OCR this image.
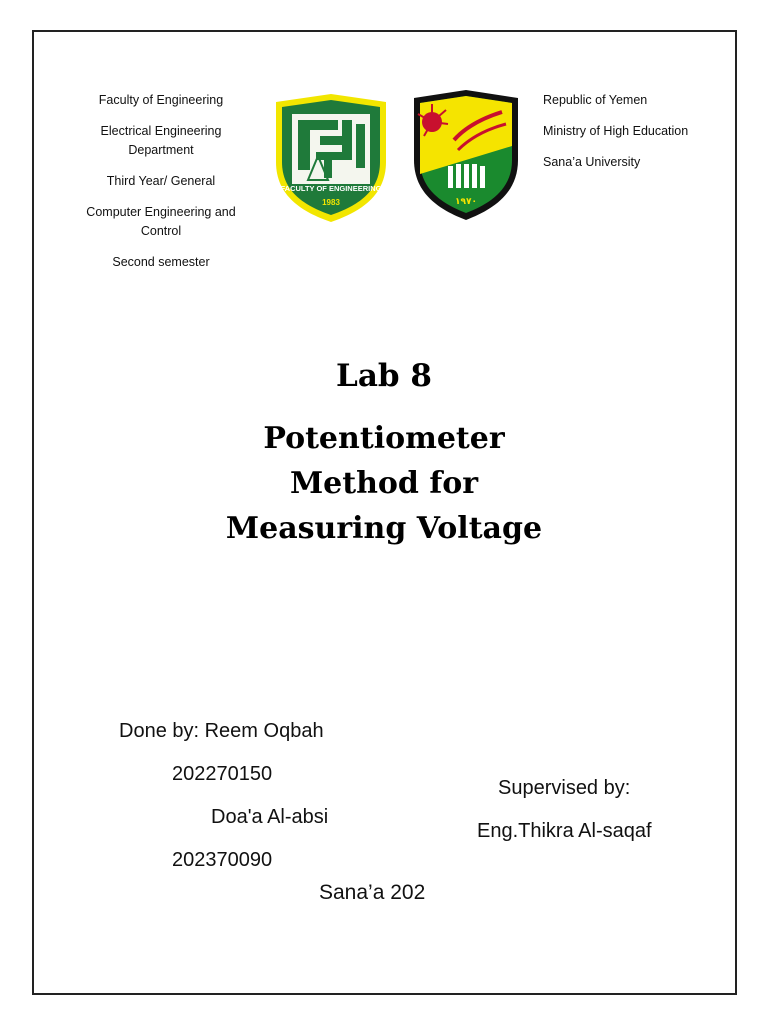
Faculty of Engineering
Electrical Engineering
Department
Third Year/ General
Computer Engineering and
Control
Second semester
FACULTY OF ENGINEERING
1983	١٩٧٠
Republic of Yemen
Ministry of High Education
Sana’a University
Lab 8
Potentiometer
Method for
Measuring Voltage
Done by: Reem Oqbah
202270150
Doa'a Al-absi
202370090
Supervised by:
Eng.Thikra Al-saqaf
Sana’a 202
